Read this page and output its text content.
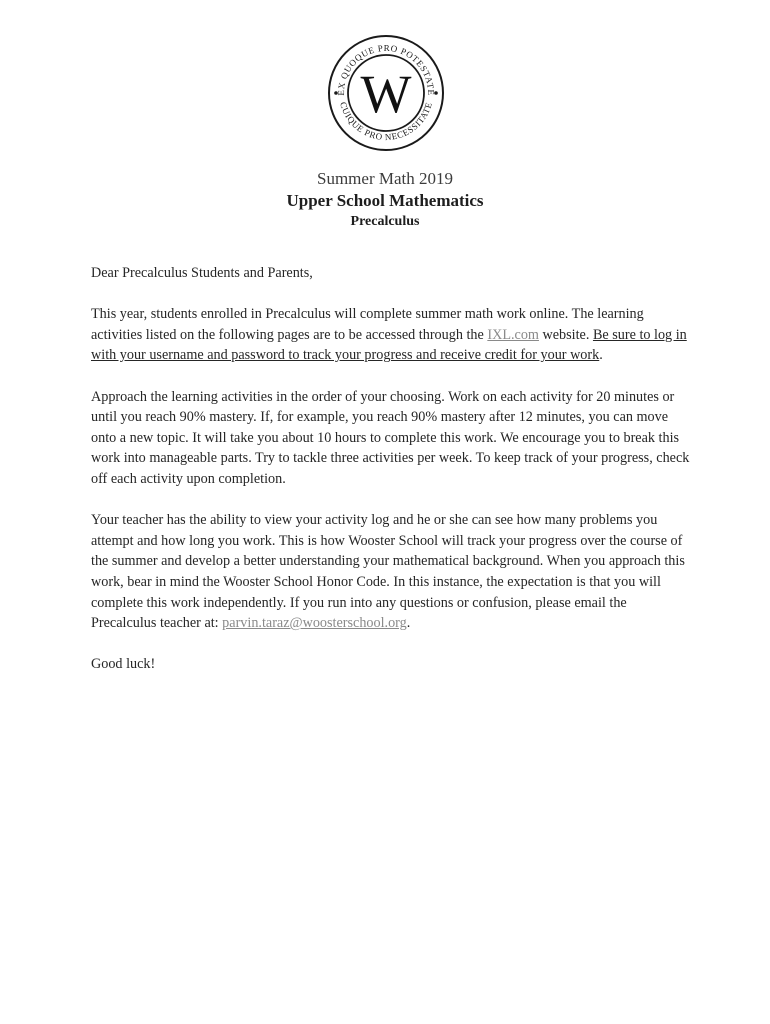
EX QUOQUE PRO POTESTATE
CUIQUE PRO NECESSITATE
W
Summer Math 2019
Upper School Mathematics
Precalculus

Dear Precalculus Students and Parents,

This year, students enrolled in Precalculus will complete summer math work online. The learning activities listed on the following pages are to be accessed through the IXL.com website. Be sure to log in with your username and password to track your progress and receive credit for your work.

Approach the learning activities in the order of your choosing. Work on each activity for 20 minutes or until you reach 90% mastery. If, for example, you reach 90% mastery after 12 minutes, you can move onto a new topic. It will take you about 10 hours to complete this work. We encourage you to break this work into manageable parts. Try to tackle three activities per week. To keep track of your progress, check off each activity upon completion.

Your teacher has the ability to view your activity log and he or she can see how many problems you attempt and how long you work. This is how Wooster School will track your progress over the course of the summer and develop a better understanding your mathematical background. When you approach this work, bear in mind the Wooster School Honor Code. In this instance, the expectation is that you will complete this work independently. If you run into any questions or confusion, please email the Precalculus teacher at: parvin.taraz@woosterschool.org.

Good luck!
